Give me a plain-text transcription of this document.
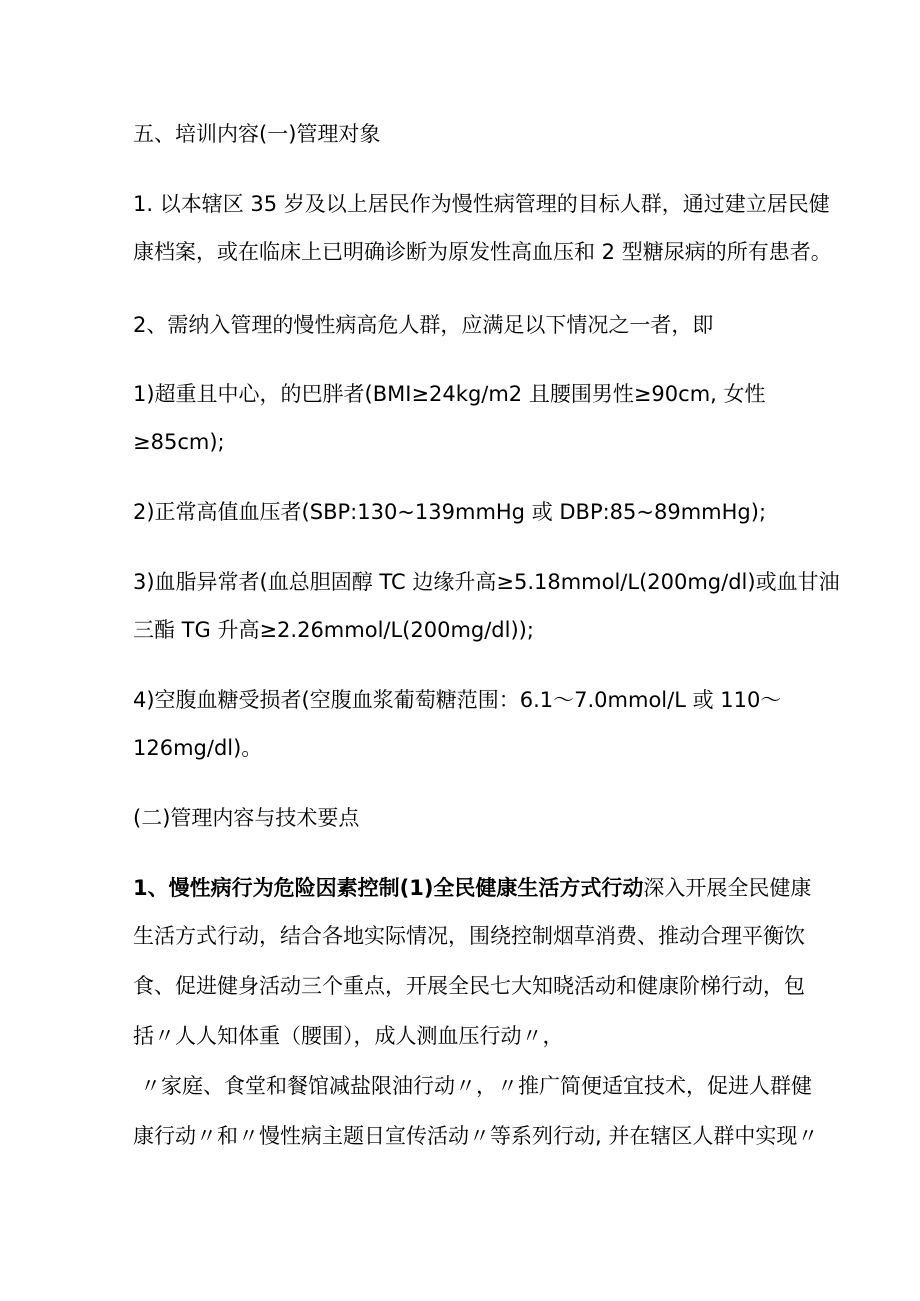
五、培训内容(一)管理对象
1. 以本辖区 35 岁及以上居民作为慢性病管理的目标人群，通过建立居民健
康档案，或在临床上已明确诊断为原发性高血压和 2 型糖尿病的所有患者。
2、需纳入管理的慢性病高危人群，应满足以下情况之一者，即
1)超重且中心，的巴胖者(BMI≥24kg∕m2 且腰围男性≥90cm, 女性
≥85cm);
2)正常高值血压者(SBP:130~139mmHg 或 DBP:85~89mmHg);
3)血脂异常者(血总胆固醇 TC 边缘升高≥5.18mmol∕L(200mg∕dl)或血甘油
三酯 TG 升高≥2.26mmol∕L(200mg∕dl));
4)空腹血糖受损者(空腹血浆葡萄糖范围：6.1～7.0mmol∕L 或 110～
126mg∕dl)。
(二)管理内容与技术要点
1、慢性病行为危险因素控制(1)全民健康生活方式行动深入开展全民健康
生活方式行动，结合各地实际情况，围绕控制烟草消费、推动合理平衡饮
食、促进健身活动三个重点，开展全民七大知晓活动和健康阶梯行动，包
括〃人人知体重（腰围），成人测血压行动〃，
〃家庭、食堂和餐馆减盐限油行动〃，〃推广简便适宜技术，促进人群健
康行动〃和〃慢性病主题日宣传活动〃等系列行动, 并在辖区人群中实现〃
